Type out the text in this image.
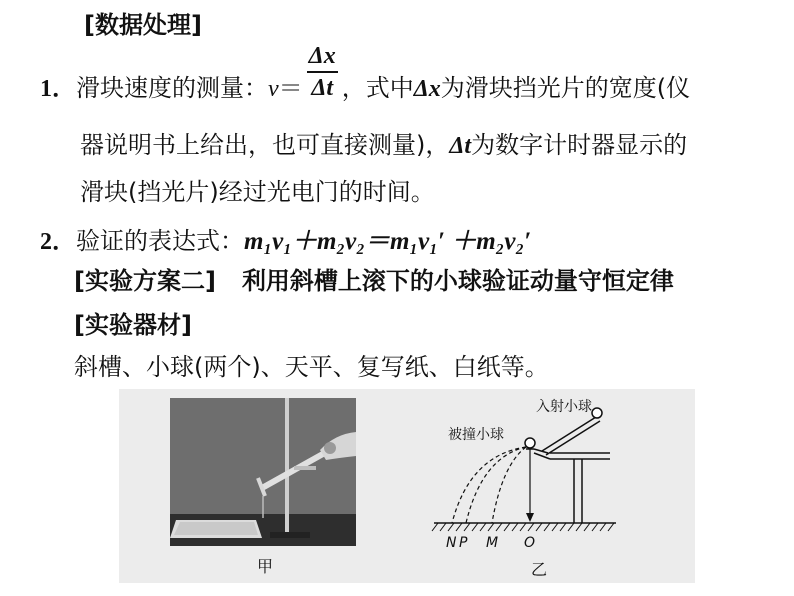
[数据处理]
1．滑块速度的测量：$v= \frac{\Delta x}{\Delta t}$ ，式中Δx为滑块挡光片的宽度(仪
器说明书上给出，也可直接测量)，Δt为数字计时器显示的
滑块(挡光片)经过光电门的时间。
2．验证的表达式：m₁v₁＋m₂v₂＝m₁v₁′ ＋m₂v₂′
[实验方案二] 利用斜槽上滚下的小球验证动量守恒定律
[实验器材]
斜槽、小球(两个)、天平、复写纸、白纸等。
甲
入射小球
被撞小球
N P M O
乙
